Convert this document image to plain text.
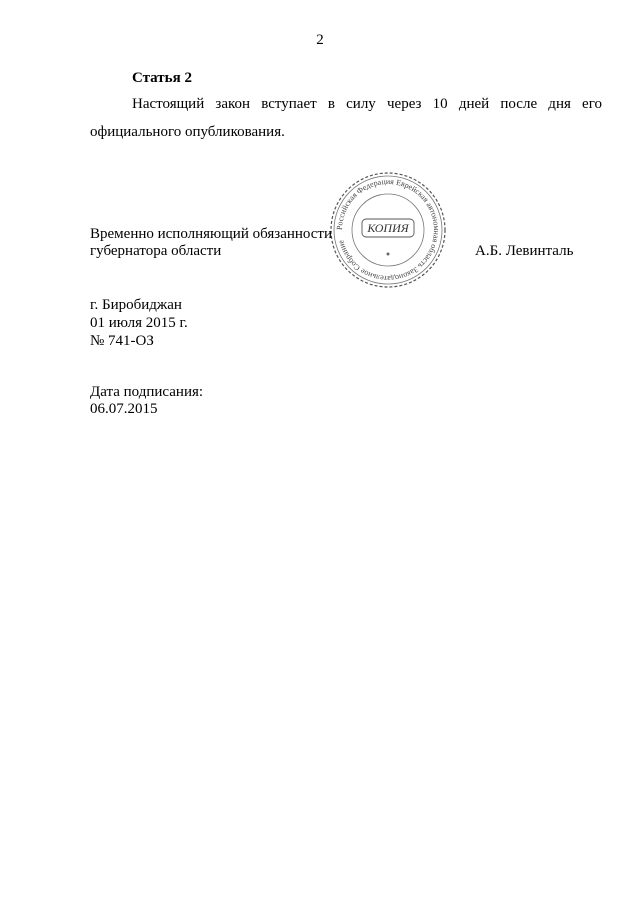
2
Статья 2
Настоящий закон вступает в силу через 10 дней после дня его
официального опубликования.
Российская Федерация Еврейская автономная область Законодательное Собрание
КОПИЯ
Временно исполняющий обязанности
губернатора области	А.Б. Левинталь
г. Биробиджан
01 июля 2015 г.
№ 741-ОЗ
Дата подписания:
06.07.2015
